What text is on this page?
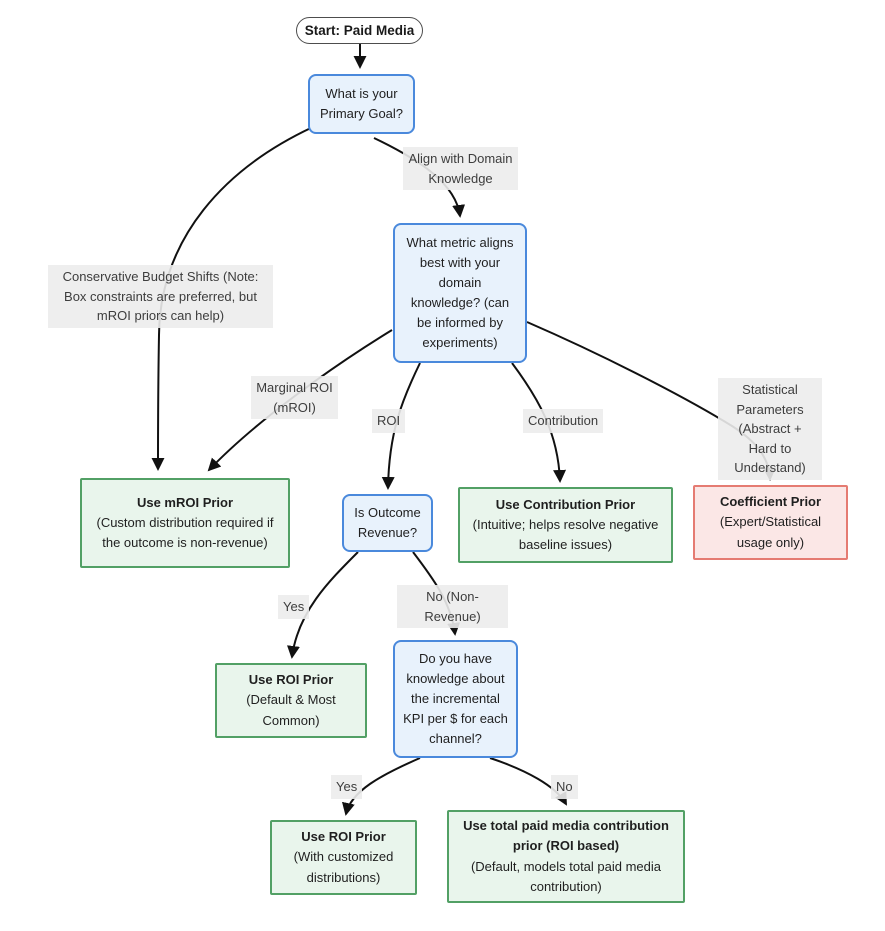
Align with Domain Knowledge
Conservative Budget Shifts (Note: Box constraints are preferred, but mROI priors can help)
Marginal ROI (mROI)
ROI	Contribution
Statistical Parameters (Abstract + Hard to Understand)
Yes
No (Non-Revenue)
Yes	No
Start: Paid Media
What is your Primary Goal?
What metric aligns best with your domain knowledge? (can be informed by experiments)
Use mROI Prior
(Custom distribution required if the outcome is non-revenue)
Is Outcome Revenue?
Use Contribution Prior
(Intuitive; helps resolve negative baseline issues)
Coefficient Prior
(Expert/Statistical usage only)
Use ROI Prior
(Default & Most Common)
Do you have knowledge about the incremental KPI per $ for each channel?
Use ROI Prior
(With customized distributions)
Use total paid media contribution prior (ROI based)
(Default, models total paid media contribution)
